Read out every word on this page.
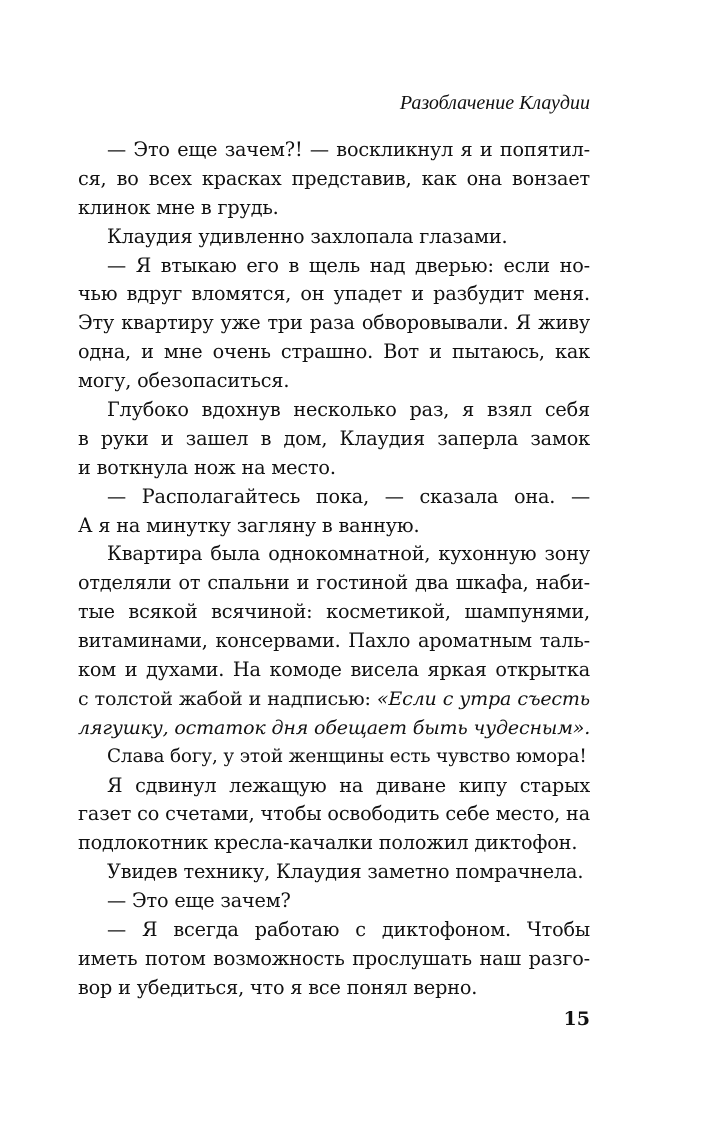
Разоблачение Клаудии
— Это еще зачем?! — воскликнул я и попятил-
ся, во всех красках представив, как она вонзает
клинок мне в грудь.
Клаудия удивленно захлопала глазами.
— Я втыкаю его в щель над дверью: если но-
чью вдруг вломятся, он упадет и разбудит меня.
Эту квартиру уже три раза обворовывали. Я живу
одна, и мне очень страшно. Вот и пытаюсь, как
могу, обезопаситься.
Глубоко вдохнув несколько раз, я взял себя
в руки и зашел в дом, Клаудия заперла замок
и воткнула нож на место.
— Располагайтесь пока, — сказала она. —
А я на минутку загляну в ванную.
Квартира была однокомнатной, кухонную зону
отделяли от спальни и гостиной два шкафа, наби-
тые всякой всячиной: косметикой, шампунями,
витаминами, консервами. Пахло ароматным таль-
ком и духами. На комоде висела яркая открытка
с толстой жабой и надписью: «Если с утра съесть
лягушку, остаток дня обещает быть чудесным».
Слава богу, у этой женщины есть чувство юмора!
Я сдвинул лежащую на диване кипу старых
газет со счетами, чтобы освободить себе место, на
подлокотник кресла-качалки положил диктофон.
Увидев технику, Клаудия заметно помрачнела.
— Это еще зачем?
— Я всегда работаю с диктофоном. Чтобы
иметь потом возможность прослушать наш разго-
вор и убедиться, что я все понял верно.
15
